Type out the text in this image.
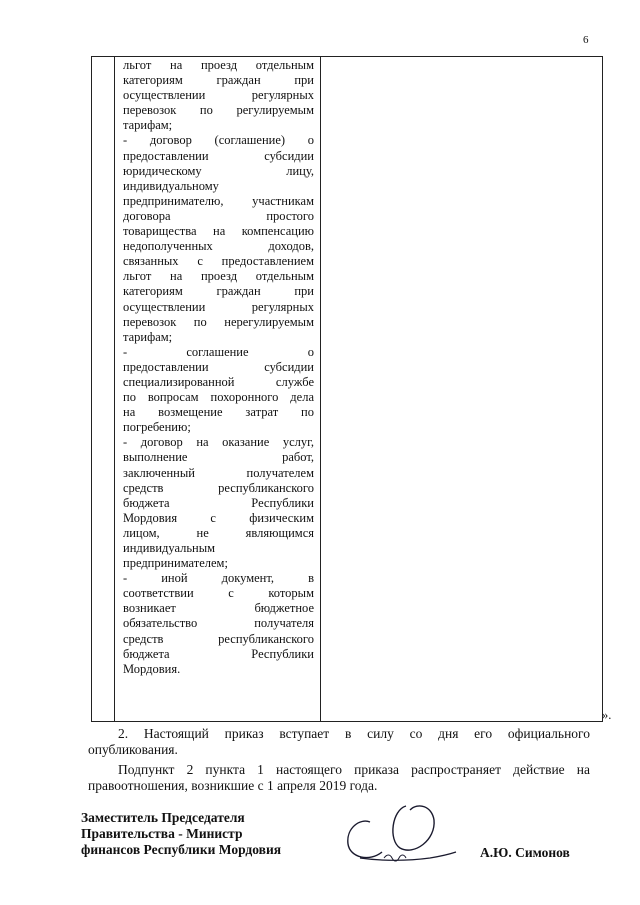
6
льгот на проезд отдельным
категориям граждан при
осуществлении регулярных
перевозок по регулируемым
тарифам;
- договор (соглашение) о
предоставлении субсидии
юридическому лицу,
индивидуальному
предпринимателю, участникам
договора простого
товарищества на компенсацию
недополученных доходов,
связанных с предоставлением
льгот на проезд отдельным
категориям граждан при
осуществлении регулярных
перевозок по нерегулируемым
тарифам;
- соглашение о
предоставлении субсидии
специализированной службе
по вопросам похоронного дела
на возмещение затрат по
погребению;
- договор на оказание услуг,
выполнение работ,
заключенный получателем
средств республиканского
бюджета Республики
Мордовия с физическим
лицом, не являющимся
индивидуальным
предпринимателем;
- иной документ, в
соответствии с которым
возникает бюджетное
обязательство получателя
средств республиканского
бюджета Республики
Мордовия.
».
2. Настоящий приказ вступает в силу со дня его официального
опубликования.
Подпункт 2 пункта 1 настоящего приказа распространяет действие на
правоотношения, возникшие с 1 апреля 2019 года.
Заместитель Председателя
Правительства - Министр
финансов Республики Мордовия	А.Ю. Симонов
